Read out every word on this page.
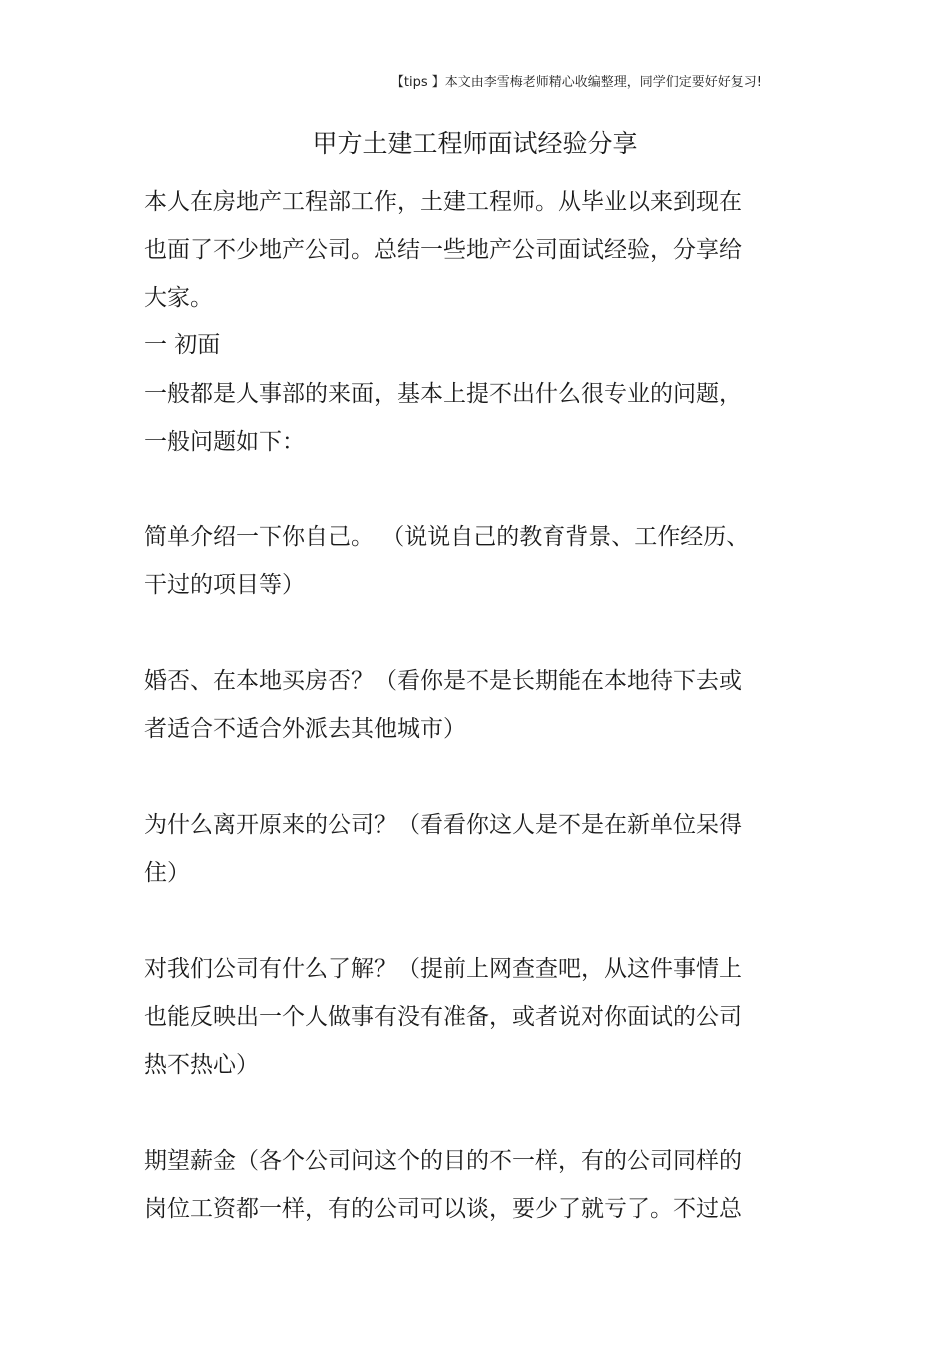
【tips 】本文由李雪梅老师精心收编整理，同学们定要好好复习!
甲方土建工程师面试经验分享
本人在房地产工程部工作，土建工程师。从毕业以来到现在
也面了不少地产公司。总结一些地产公司面试经验，分享给
大家。
一 初面
一般都是人事部的来面，基本上提不出什么很专业的问题，
一般问题如下：
简单介绍一下你自己。 （说说自己的教育背景、工作经历、
干过的项目等）
婚否、在本地买房否？（看你是不是长期能在本地待下去或
者适合不适合外派去其他城市）
为什么离开原来的公司？（看看你这人是不是在新单位呆得
住）
对我们公司有什么了解？（提前上网查查吧，从这件事情上
也能反映出一个人做事有没有准备，或者说对你面试的公司
热不热心）
期望薪金（各个公司问这个的目的不一样，有的公司同样的
岗位工资都一样，有的公司可以谈，要少了就亏了。不过总
